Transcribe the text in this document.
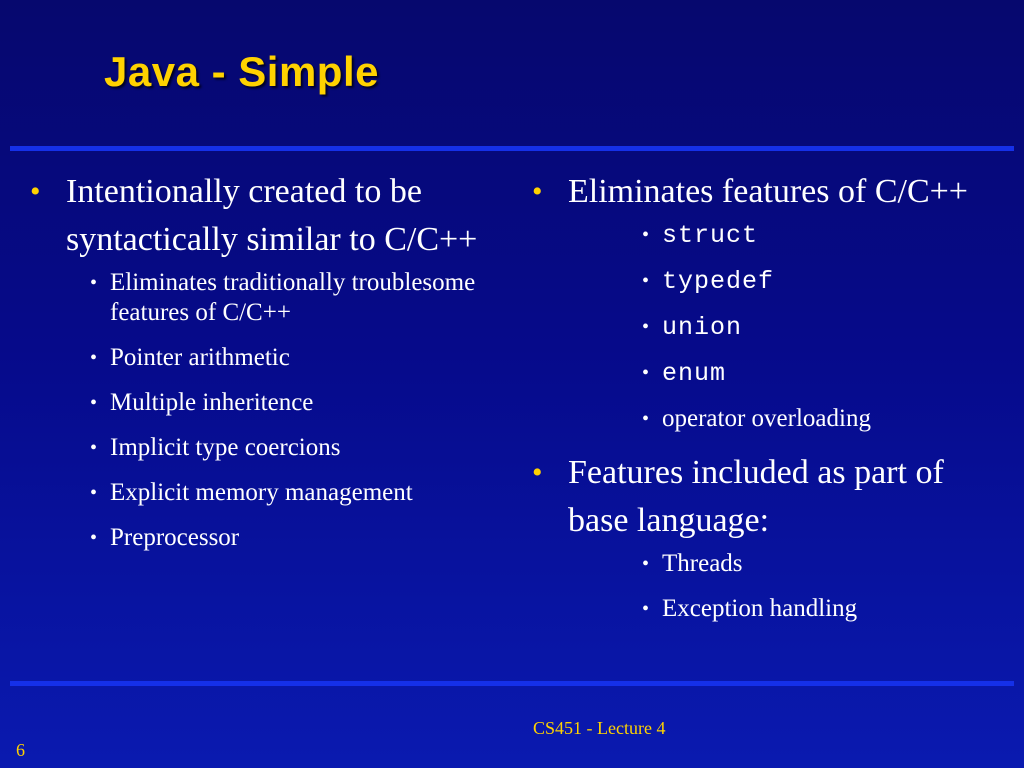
Java - Simple
• Intentionally created to be syntactically similar to C/C++
• Eliminates traditionally troublesome features of C/C++
• Pointer arithmetic
• Multiple inheritence
• Implicit type coercions
• Explicit memory management
• Preprocessor
• Eliminates features of C/C++
• struct
• typedef
• union
• enum
• operator overloading
• Features included as part of base language:
• Threads
• Exception handling
CS451 - Lecture 4
6
